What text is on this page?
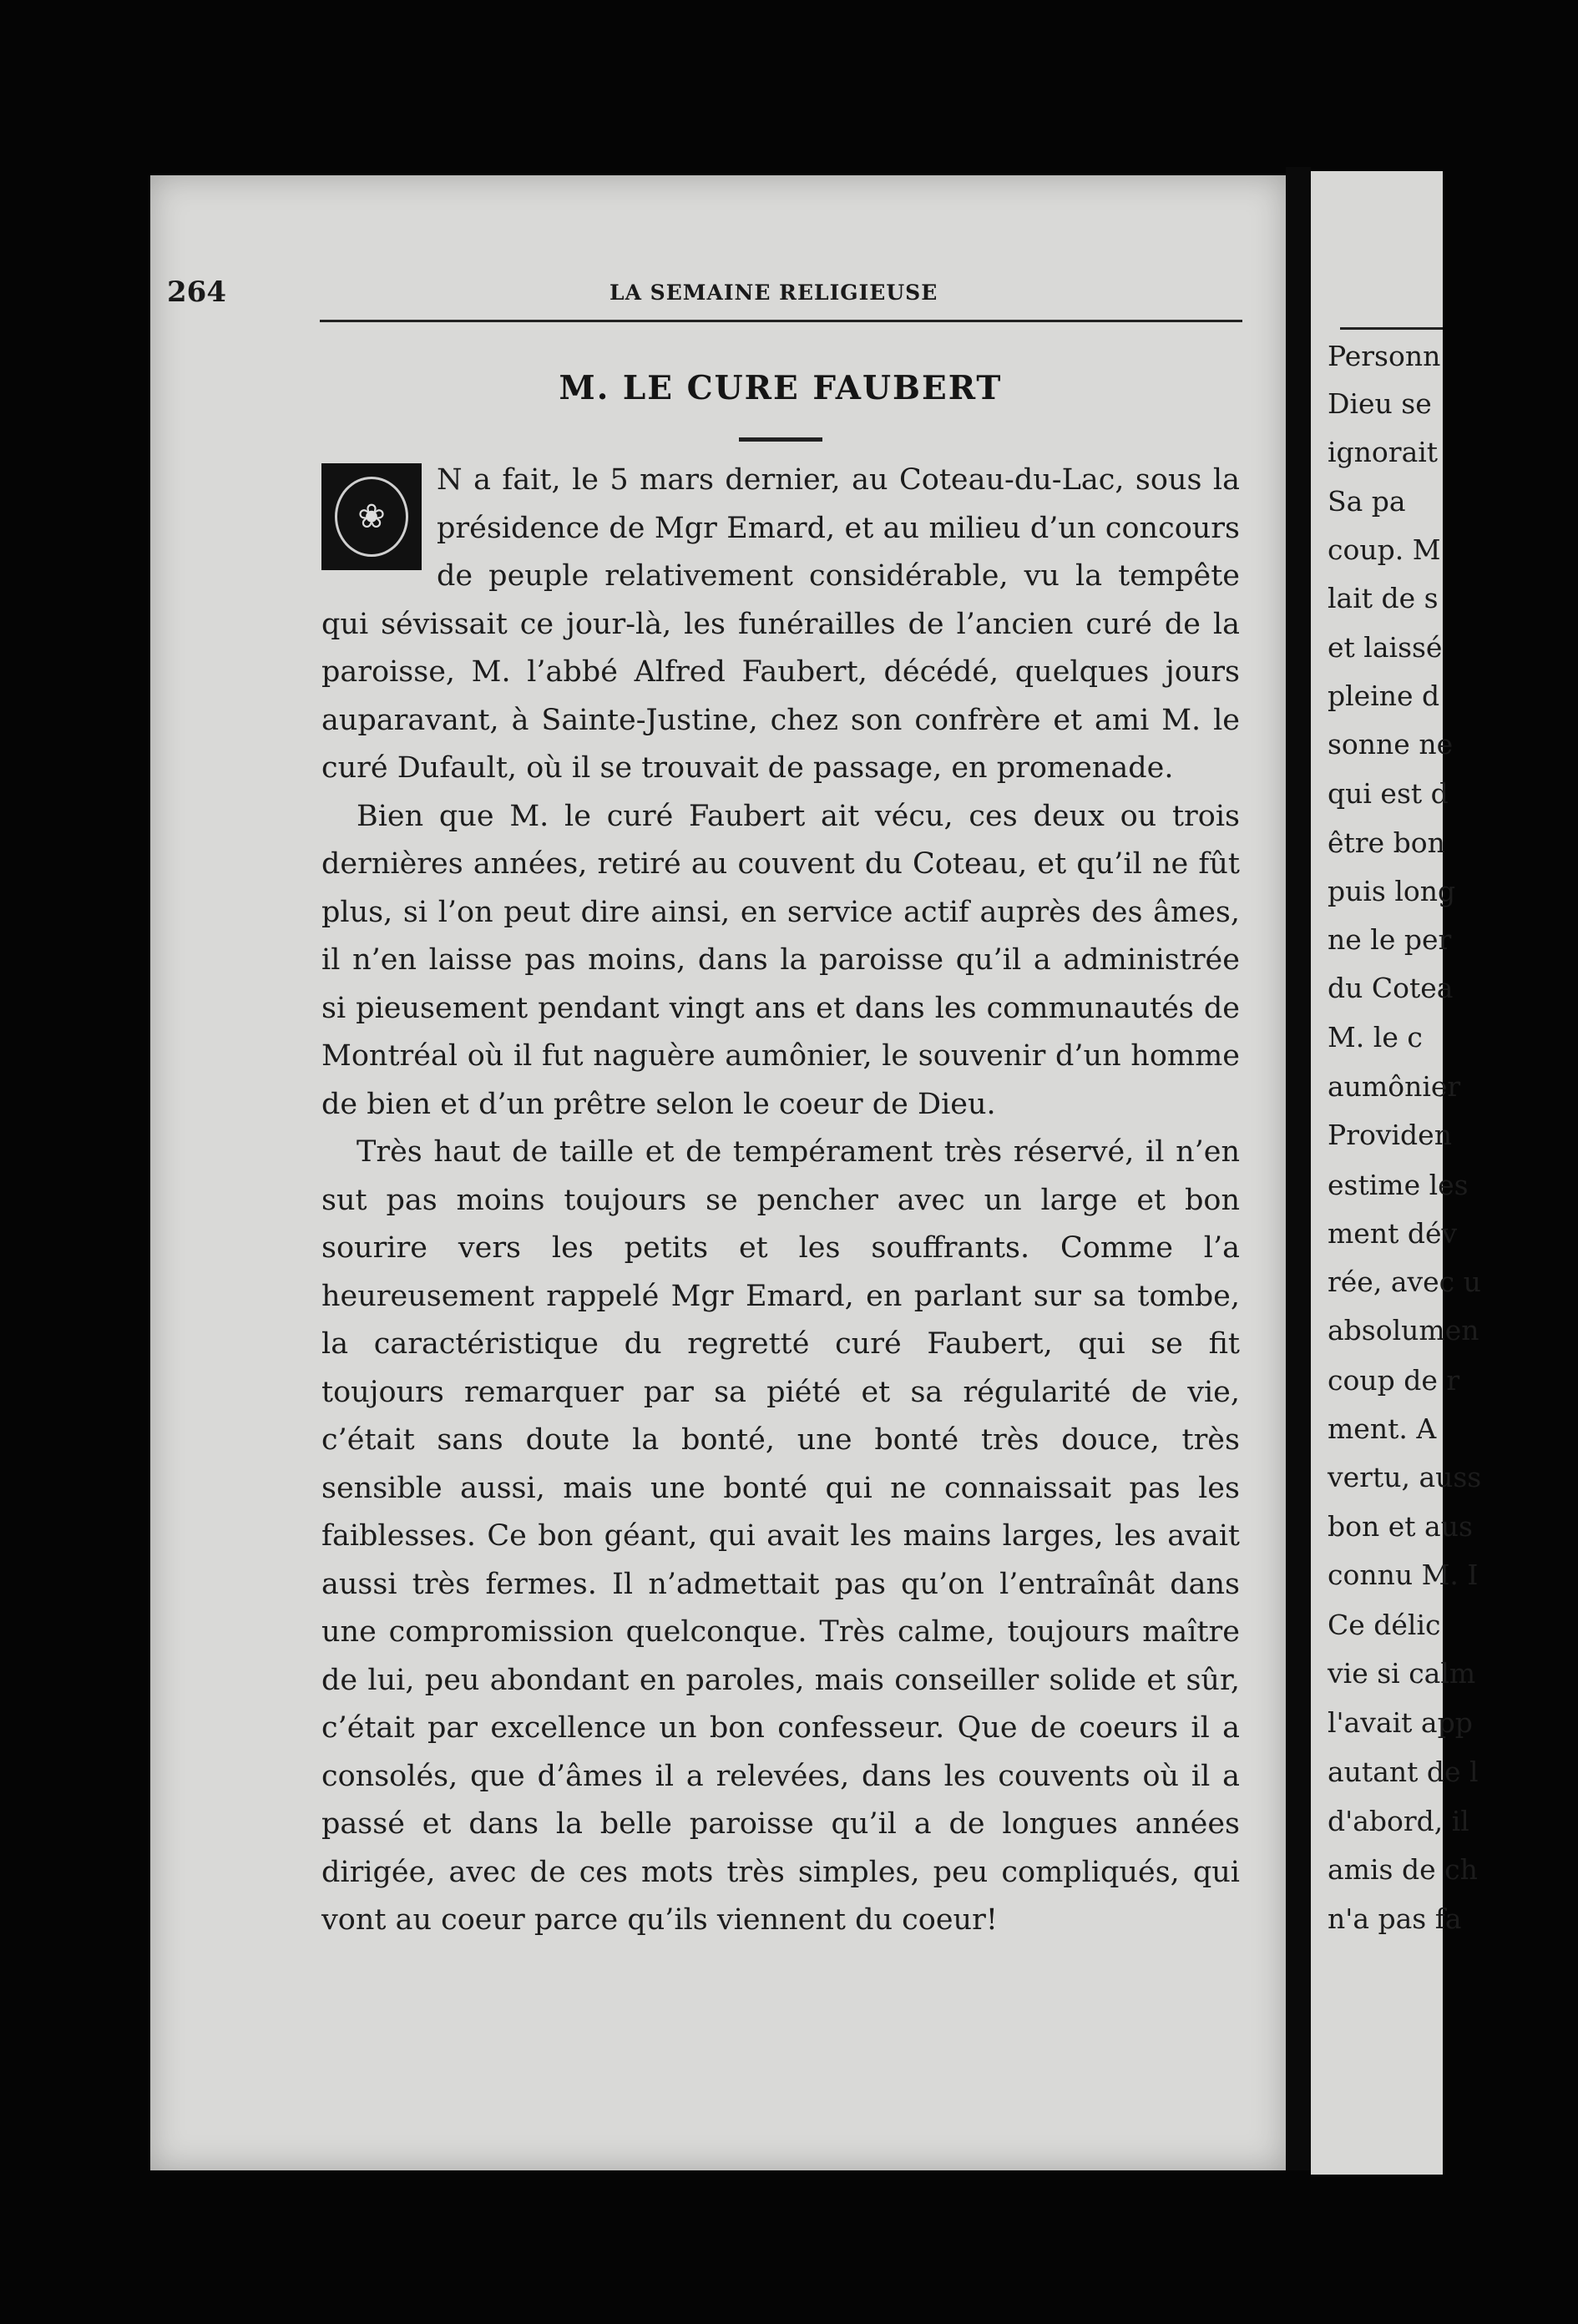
Personn
Dieu se
ignorait
Sa pa
coup. M
lait de s
et laissé
pleine d
sonne ne
qui est d
être bon
puis long
ne le per
du Cotea
M. le c
aumônier
Providen
estime les
ment dév
rée, avec u
absolumen
coup de r
ment. A
vertu, auss
bon et aus
connu M. I
Ce délic
vie si calm
l'avait app
autant de l
d'abord, il
amis de ch
n'a pas fa
264	LA SEMAINE RELIGIEUSE
M. LE CURE FAUBERT

❀
N a fait, le 5 mars dernier, au Coteau-du-Lac, sous la présidence de Mgr Emard, et au milieu d’un concours de peuple relativement considérable, vu la tempête qui sévissait ce jour-là, les funérailles de l’ancien curé de la paroisse, M. l’abbé Alfred Faubert, décédé, quelques jours auparavant, à Sainte-Justine, chez son confrère et ami M. le curé Dufault, où il se trouvait de passage, en promenade.

Bien que M. le curé Faubert ait vécu, ces deux ou trois dernières années, retiré au couvent du Coteau, et qu’il ne fût plus, si l’on peut dire ainsi, en service actif auprès des âmes, il n’en laisse pas moins, dans la paroisse qu’il a administrée si pieusement pendant vingt ans et dans les communautés de Montréal où il fut naguère aumônier, le souvenir d’un homme de bien et d’un prêtre selon le coeur de Dieu.

Très haut de taille et de tempérament très réservé, il n’en sut pas moins toujours se pencher avec un large et bon sourire vers les petits et les souffrants. Comme l’a heureusement rappelé Mgr Emard, en parlant sur sa tombe, la caractéristique du regretté curé Faubert, qui se fit toujours remarquer par sa piété et sa régularité de vie, c’était sans doute la bonté, une bonté très douce, très sensible aussi, mais une bonté qui ne connaissait pas les faiblesses. Ce bon géant, qui avait les mains larges, les avait aussi très fermes. Il n’admettait pas qu’on l’entraînât dans une compromission quelconque. Très calme, toujours maître de lui, peu abondant en paroles, mais conseiller solide et sûr, c’était par excellence un bon confesseur. Que de coeurs il a consolés, que d’âmes il a relevées, dans les couvents où il a passé et dans la belle paroisse qu’il a de longues années dirigée, avec de ces mots très simples, peu compliqués, qui vont au coeur parce qu’ils viennent du coeur!
